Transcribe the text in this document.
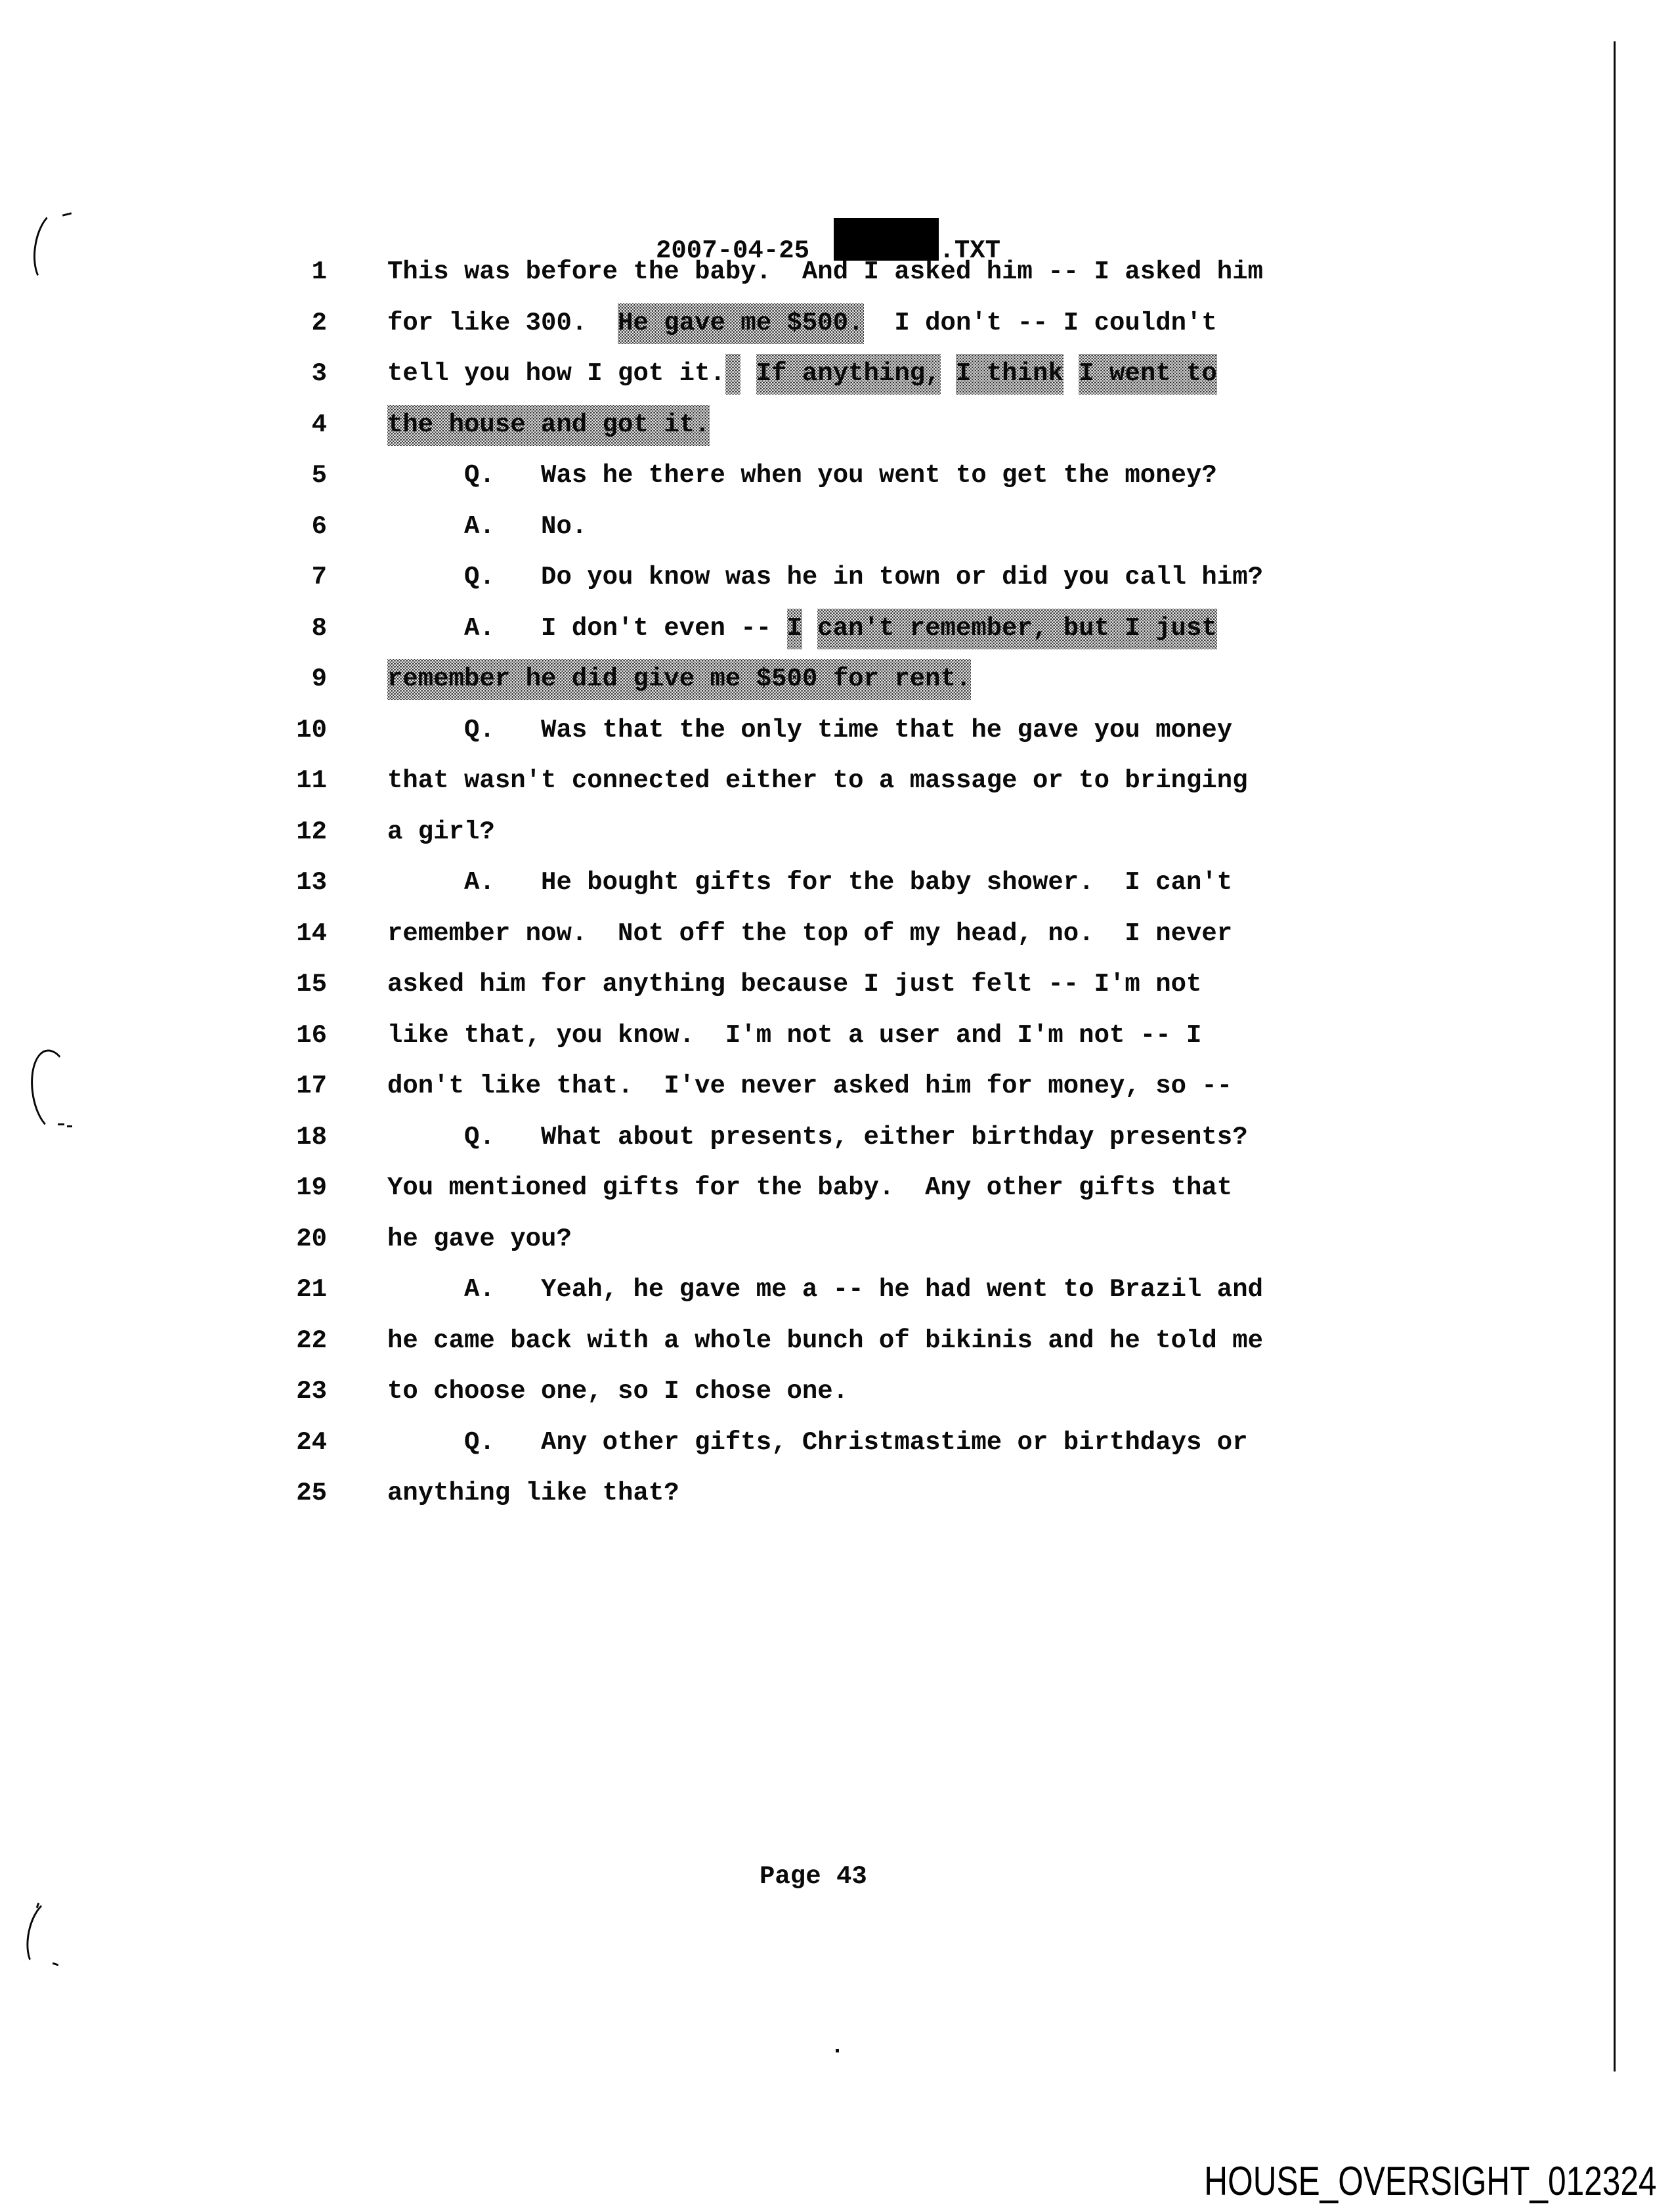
2007-04-25	.TXT
1 This was before the baby.  And I asked him -- I asked him
2 for like 300.  He gave me $500.  I don't -- I couldn't
3 tell you how I got it. If anything, I think I went to
4 the house and got it.
5 Q.   Was he there when you went to get the money?
6 A.   No.
7 Q.   Do you know was he in town or did you call him?
8 A.   I don't even -- I can't remember, but I just
9 remember he did give me $500 for rent.
10 Q.   Was that the only time that he gave you money
11 that wasn't connected either to a massage or to bringing
12 a girl?
13 A.   He bought gifts for the baby shower.  I can't
14 remember now.  Not off the top of my head, no.  I never
15 asked him for anything because I just felt -- I'm not
16 like that, you know.  I'm not a user and I'm not -- I
17 don't like that.  I've never asked him for money, so --
18 Q.   What about presents, either birthday presents?
19 You mentioned gifts for the baby.  Any other gifts that
20 he gave you?
21 A.   Yeah, he gave me a -- he had went to Brazil and
22 he came back with a whole bunch of bikinis and he told me
23 to choose one, so I chose one.
24 Q.   Any other gifts, Christmastime or birthdays or
25 anything like that?
Page 43
HOUSE_OVERSIGHT_012324
